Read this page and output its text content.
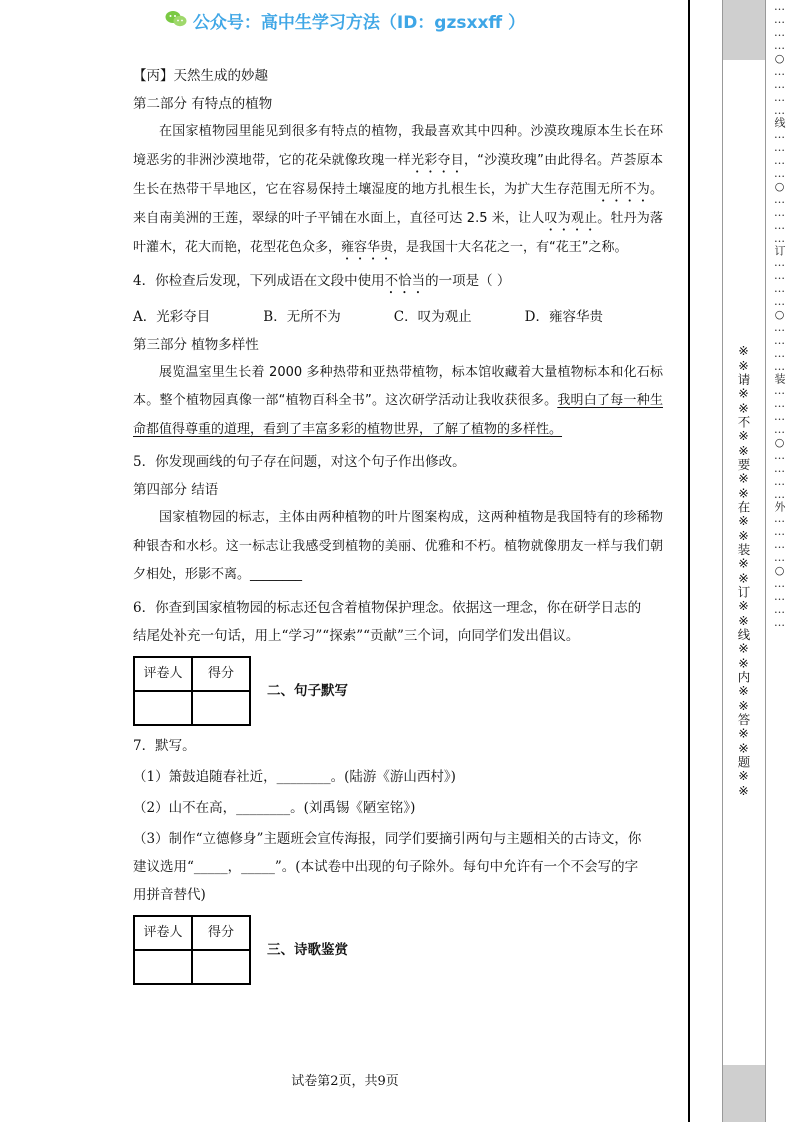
公众号：高中生学习方法（ID：gzsxxff ）
【丙】天然生成的妙趣
第二部分 有特点的植物
在国家植物园里能见到很多有特点的植物，我最喜欢其中四种。沙漠玫瑰原本生长在环境恶劣的非洲沙漠地带，它的花朵就像玫瑰一样光彩夺目，“沙漠玫瑰”由此得名。芦荟原本生长在热带干旱地区，它在容易保持土壤湿度的地方扎根生长，为扩大生存范围无所不为。来自南美洲的王莲，翠绿的叶子平铺在水面上，直径可达 2.5 米，让人叹为观止。牡丹为落叶灌木，花大而艳，花型花色众多，雍容华贵，是我国十大名花之一，有“花王”之称。
4．你检查后发现，下列成语在文段中使用不恰当的一项是（ ）
A．光彩夺目	B．无所不为	C．叹为观止	D．雍容华贵
第三部分 植物多样性
展览温室里生长着 2000 多种热带和亚热带植物，标本馆收藏着大量植物标本和化石标本。整个植物园真像一部“植物百科全书”。这次研学活动让我收获很多。我明白了每一种生命都值得尊重的道理，看到了丰富多彩的植物世界，了解了植物的多样性。
5．你发现画线的句子存在问题，对这个句子作出修改。
第四部分 结语
国家植物园的标志，主体由两种植物的叶片图案构成，这两种植物是我国特有的珍稀物种银杏和水杉。这一标志让我感受到植物的美丽、优雅和不朽。植物就像朋友一样与我们朝夕相处，形影不离。________
6．你查到国家植物园的标志还包含着植物保护理念。依据这一理念，你在研学日志的
结尾处补充一句话，用上“学习”“探索”“贡献”三个词，向同学们发出倡议。
评卷人	得分

二、句子默写
7．默写。
（1）箫鼓追随春社近，________。(陆游《游山西村》)
（2）山不在高，________。(刘禹锡《陋室铭》)
（3）制作“立德修身”主题班会宣传海报，同学们要摘引两句与主题相关的古诗文，你
建议选用“_____，_____”。(本试卷中出现的句子除外。每句中允许有一个不会写的字
用拼音替代)
评卷人	得分

三、诗歌鉴赏
试卷第2页，共9页
※※请※※不※※要※※在※※装※※订※※线※※内※※答※※题※※	…………○…………线…………○…………订…………○…………装…………○…………外…………○…………
